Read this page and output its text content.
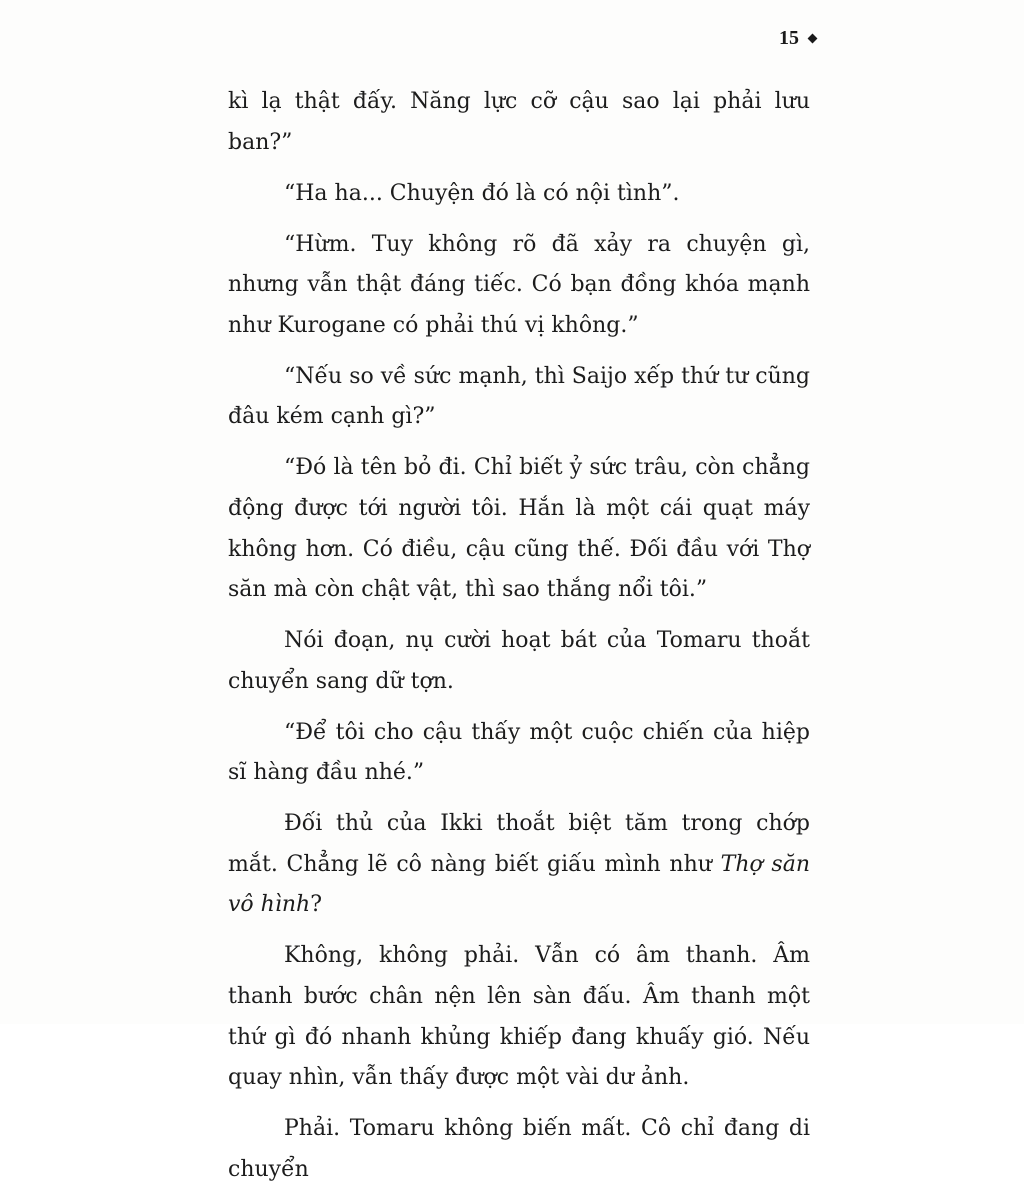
15

kì lạ thật đấy. Năng lực cỡ cậu sao lại phải lưu ban?”

“Ha ha... Chuyện đó là có nội tình”.

“Hừm. Tuy không rõ đã xảy ra chuyện gì, nhưng vẫn thật đáng tiếc. Có bạn đồng khóa mạnh như Kurogane có phải thú vị không.”

“Nếu so về sức mạnh, thì Saijo xếp thứ tư cũng đâu kém cạnh gì?”

“Đó là tên bỏ đi. Chỉ biết ỷ sức trâu, còn chẳng động được tới người tôi. Hắn là một cái quạt máy không hơn. Có điều, cậu cũng thế. Đối đầu với Thợ săn mà còn chật vật, thì sao thắng nổi tôi.”

Nói đoạn, nụ cười hoạt bát của Tomaru thoắt chuyển sang dữ tợn.

“Để tôi cho cậu thấy một cuộc chiến của hiệp sĩ hàng đầu nhé.”

Đối thủ của Ikki thoắt biệt tăm trong chớp mắt. Chẳng lẽ cô nàng biết giấu mình như Thợ săn vô hình?

Không, không phải. Vẫn có âm thanh. Âm thanh bước chân nện lên sàn đấu. Âm thanh một thứ gì đó nhanh khủng khiếp đang khuấy gió. Nếu quay nhìn, vẫn thấy được một vài dư ảnh.

Phải. Tomaru không biến mất. Cô chỉ đang di chuyển
